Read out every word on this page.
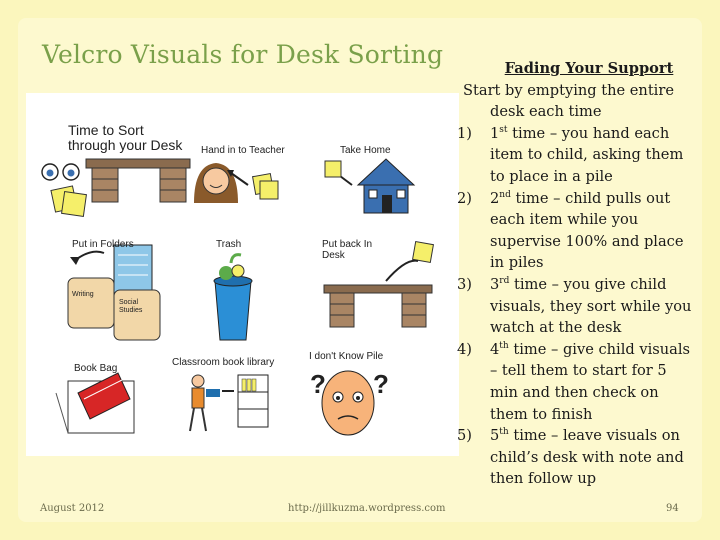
Velcro Visuals for Desk Sorting
? ?
Time to Sort through your Desk	Hand in to Teacher	Take Home
Put in Folders	Trash	Put back In Desk
Writing
Social Studies
Book Bag
Classroom book library
I don't Know Pile
Fading Your Support
Start by emptying the entire desk each time
1) 1st time – you hand each item to child, asking them to place in a pile
2) 2nd time – child pulls out each item while you supervise 100% and place in piles
3) 3rd time – you give child visuals, they sort while you watch at the desk
4) 4th time – give child visuals – tell them to start for 5 min and then check on them to finish
5) 5th time – leave visuals on child’s desk with note and then follow up
August 2012	http://jillkuzma.wordpress.com	94
